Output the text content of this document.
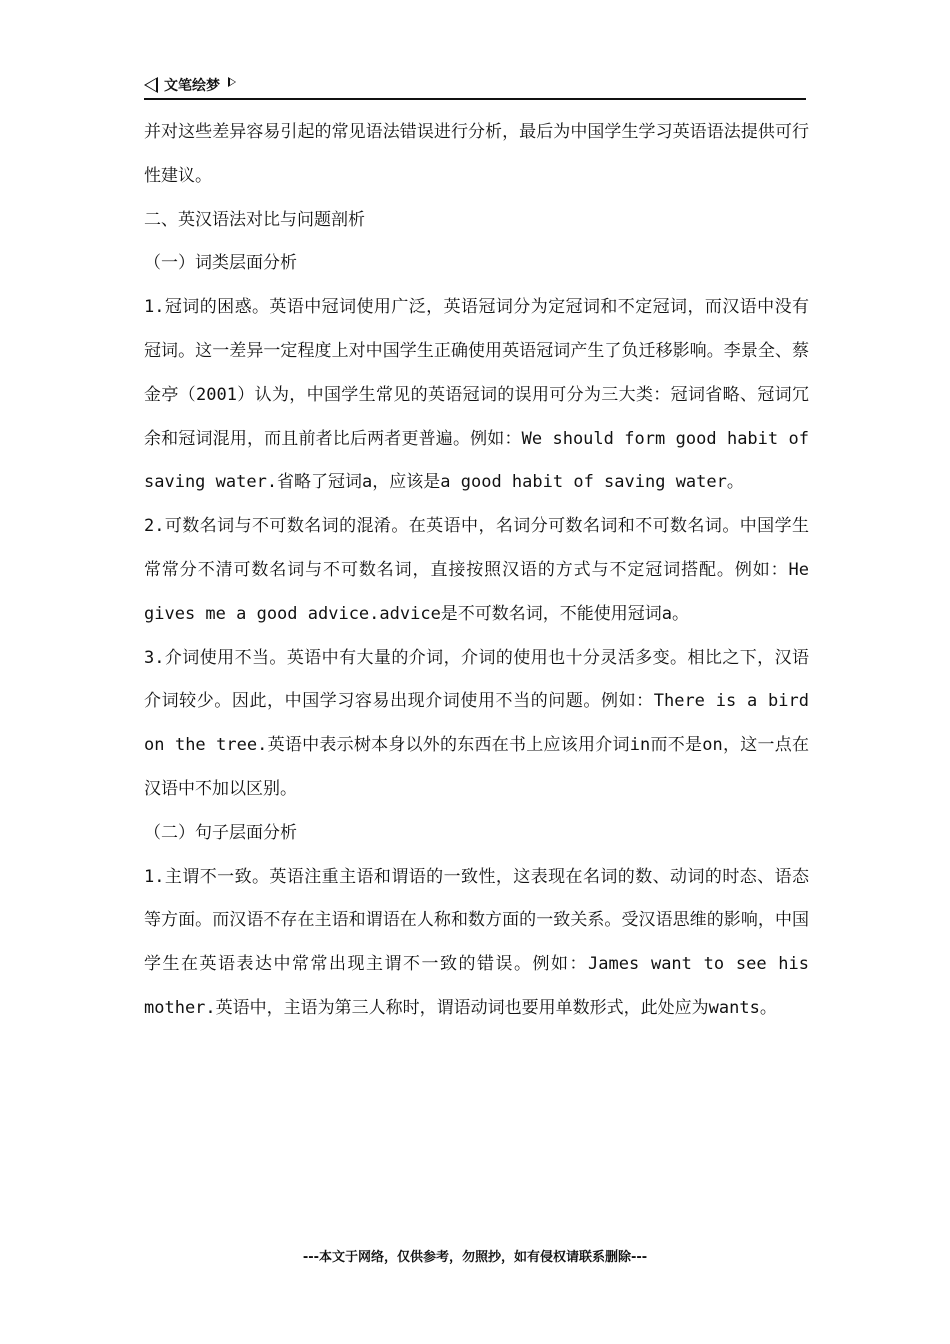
文笔绘梦

并对这些差异容易引起的常见语法错误进行分析，最后为中国学生学习英语语法提供可行性建议。

二、英汉语法对比与问题剖析

（一）词类层面分析

1.冠词的困惑。英语中冠词使用广泛，英语冠词分为定冠词和不定冠词，而汉语中没有冠词。这一差异一定程度上对中国学生正确使用英语冠词产生了负迁移影响。李景全、蔡金亭（2001）认为，中国学生常见的英语冠词的误用可分为三大类：冠词省略、冠词冗余和冠词混用，而且前者比后两者更普遍。例如：We should form good habit of saving water.省略了冠词a，应该是a good habit of saving water。

2.可数名词与不可数名词的混淆。在英语中，名词分可数名词和不可数名词。中国学生常常分不清可数名词与不可数名词，直接按照汉语的方式与不定冠词搭配。例如：He gives me a good advice.advice是不可数名词，不能使用冠词a。

3.介词使用不当。英语中有大量的介词，介词的使用也十分灵活多变。相比之下，汉语介词较少。因此，中国学习容易出现介词使用不当的问题。例如：There is a bird on the tree.英语中表示树本身以外的东西在书上应该用介词in而不是on，这一点在汉语中不加以区别。

（二）句子层面分析

1.主谓不一致。英语注重主语和谓语的一致性，这表现在名词的数、动词的时态、语态等方面。而汉语不存在主语和谓语在人称和数方面的一致关系。受汉语思维的影响，中国学生在英语表达中常常出现主谓不一致的错误。例如：James want to see his mother.英语中，主语为第三人称时，谓语动词也要用单数形式，此处应为wants。

---本文于网络，仅供参考，勿照抄，如有侵权请联系删除---
